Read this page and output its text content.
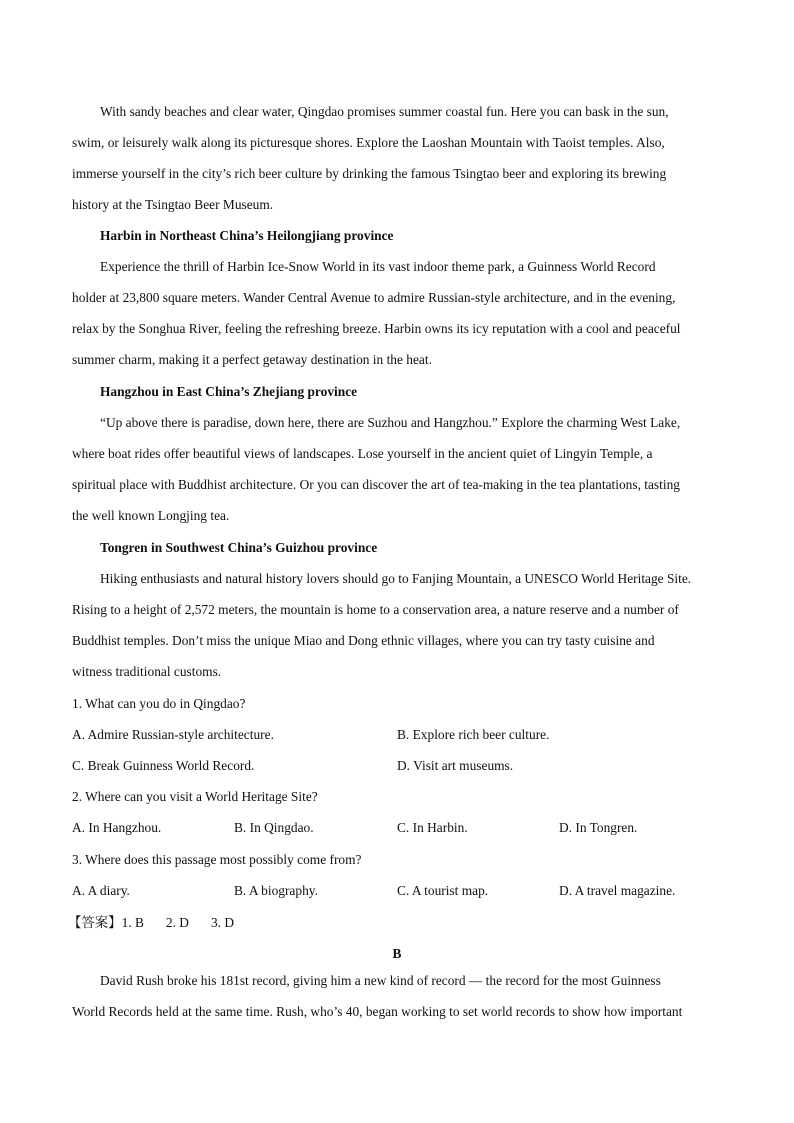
With sandy beaches and clear water, Qingdao promises summer coastal fun. Here you can bask in the sun,
swim, or leisurely walk along its picturesque shores. Explore the Laoshan Mountain with Taoist temples. Also,
immerse yourself in the city’s rich beer culture by drinking the famous Tsingtao beer and exploring its brewing
history at the Tsingtao Beer Museum.
Harbin in Northeast China’s Heilongjiang province
Experience the thrill of Harbin Ice-Snow World in its vast indoor theme park, a Guinness World Record
holder at 23,800 square meters. Wander Central Avenue to admire Russian-style architecture, and in the evening,
relax by the Songhua River, feeling the refreshing breeze. Harbin owns its icy reputation with a cool and peaceful
summer charm, making it a perfect getaway destination in the heat.
Hangzhou in East China’s Zhejiang province
“Up above there is paradise, down here, there are Suzhou and Hangzhou.” Explore the charming West Lake,
where boat rides offer beautiful views of landscapes. Lose yourself in the ancient quiet of Lingyin Temple, a
spiritual place with Buddhist architecture. Or you can discover the art of tea-making in the tea plantations, tasting
the well known Longjing tea.
Tongren in Southwest China’s Guizhou province
Hiking enthusiasts and natural history lovers should go to Fanjing Mountain, a UNESCO World Heritage Site.
Rising to a height of 2,572 meters, the mountain is home to a conservation area, a nature reserve and a number of
Buddhist temples. Don’t miss the unique Miao and Dong ethnic villages, where you can try tasty cuisine and
witness traditional customs.
1. What can you do in Qingdao?
A. Admire Russian-style architecture.	B. Explore rich beer culture.
C. Break Guinness World Record.	D. Visit art museums.
2. Where can you visit a World Heritage Site?
A. In Hangzhou.	B. In Qingdao.	C. In Harbin.	D. In Tongren.
3. Where does this passage most possibly come from?
A. A diary.	B. A biography.	C. A tourist map.	D. A travel magazine.
【答案】1. B 2. D 3. D
B
David Rush broke his 181st record, giving him a new kind of record — the record for the most Guinness
World Records held at the same time. Rush, who’s 40, began working to set world records to show how important
